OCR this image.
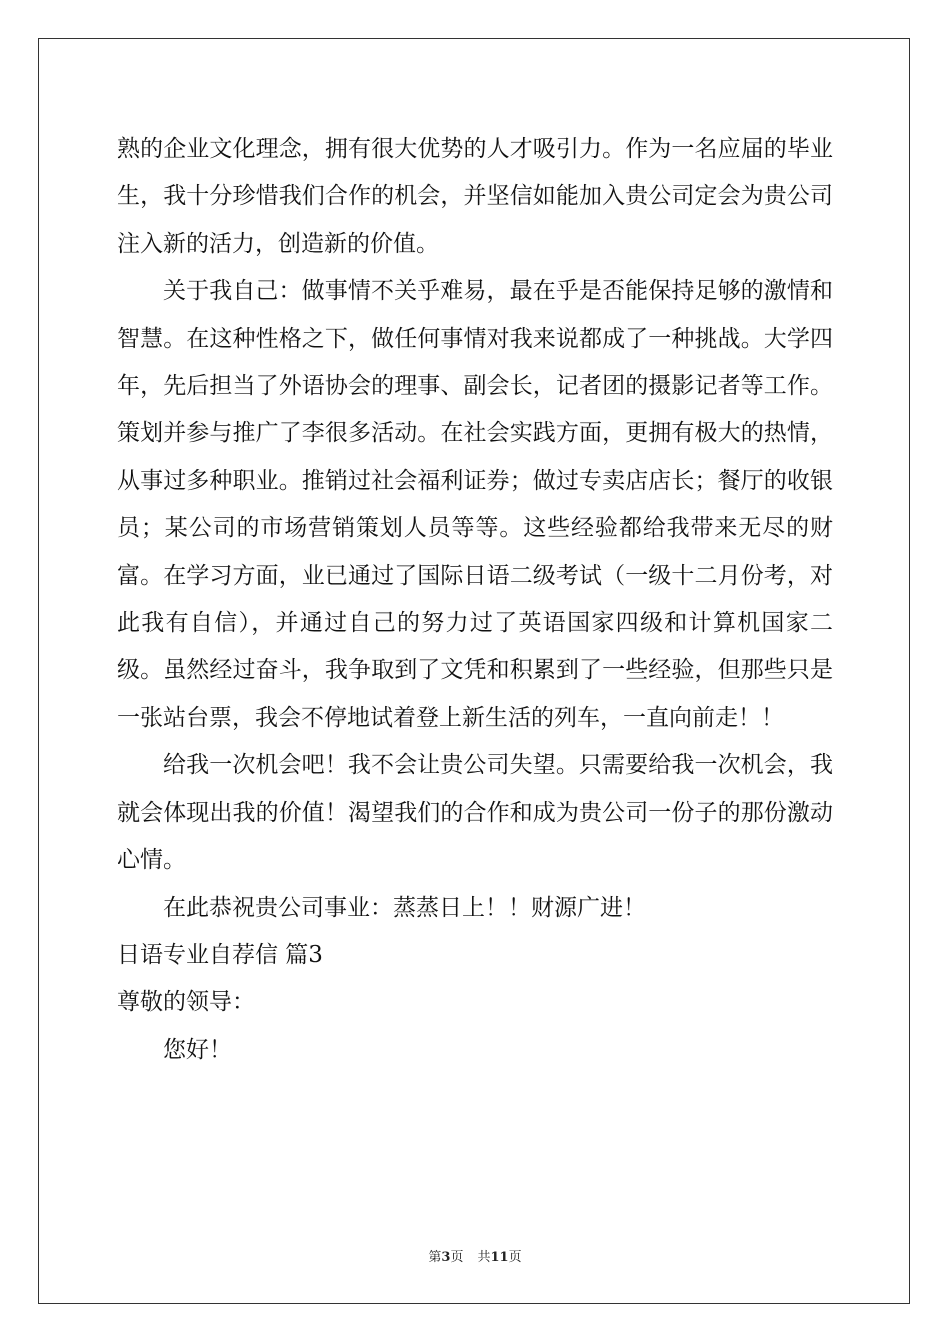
熟的企业文化理念，拥有很大优势的人才吸引力。作为一名应届的毕业生，我十分珍惜我们合作的机会，并坚信如能加入贵公司定会为贵公司注入新的活力，创造新的价值。

关于我自己：做事情不关乎难易，最在乎是否能保持足够的激情和智慧。在这种性格之下，做任何事情对我来说都成了一种挑战。大学四年，先后担当了外语协会的理事、副会长，记者团的摄影记者等工作。策划并参与推广了李很多活动。在社会实践方面，更拥有极大的热情，从事过多种职业。推销过社会福利证券；做过专卖店店长；餐厅的收银员；某公司的市场营销策划人员等等。这些经验都给我带来无尽的财富。在学习方面，业已通过了国际日语二级考试（一级十二月份考，对此我有自信），并通过自己的努力过了英语国家四级和计算机国家二级。虽然经过奋斗，我争取到了文凭和积累到了一些经验，但那些只是一张站台票，我会不停地试着登上新生活的列车，一直向前走！！

给我一次机会吧！我不会让贵公司失望。只需要给我一次机会，我就会体现出我的价值！渴望我们的合作和成为贵公司一份子的那份激动心情。

在此恭祝贵公司事业：蒸蒸日上！！财源广进！

日语专业自荐信 篇3

尊敬的领导：

您好！

第3页 共11页
